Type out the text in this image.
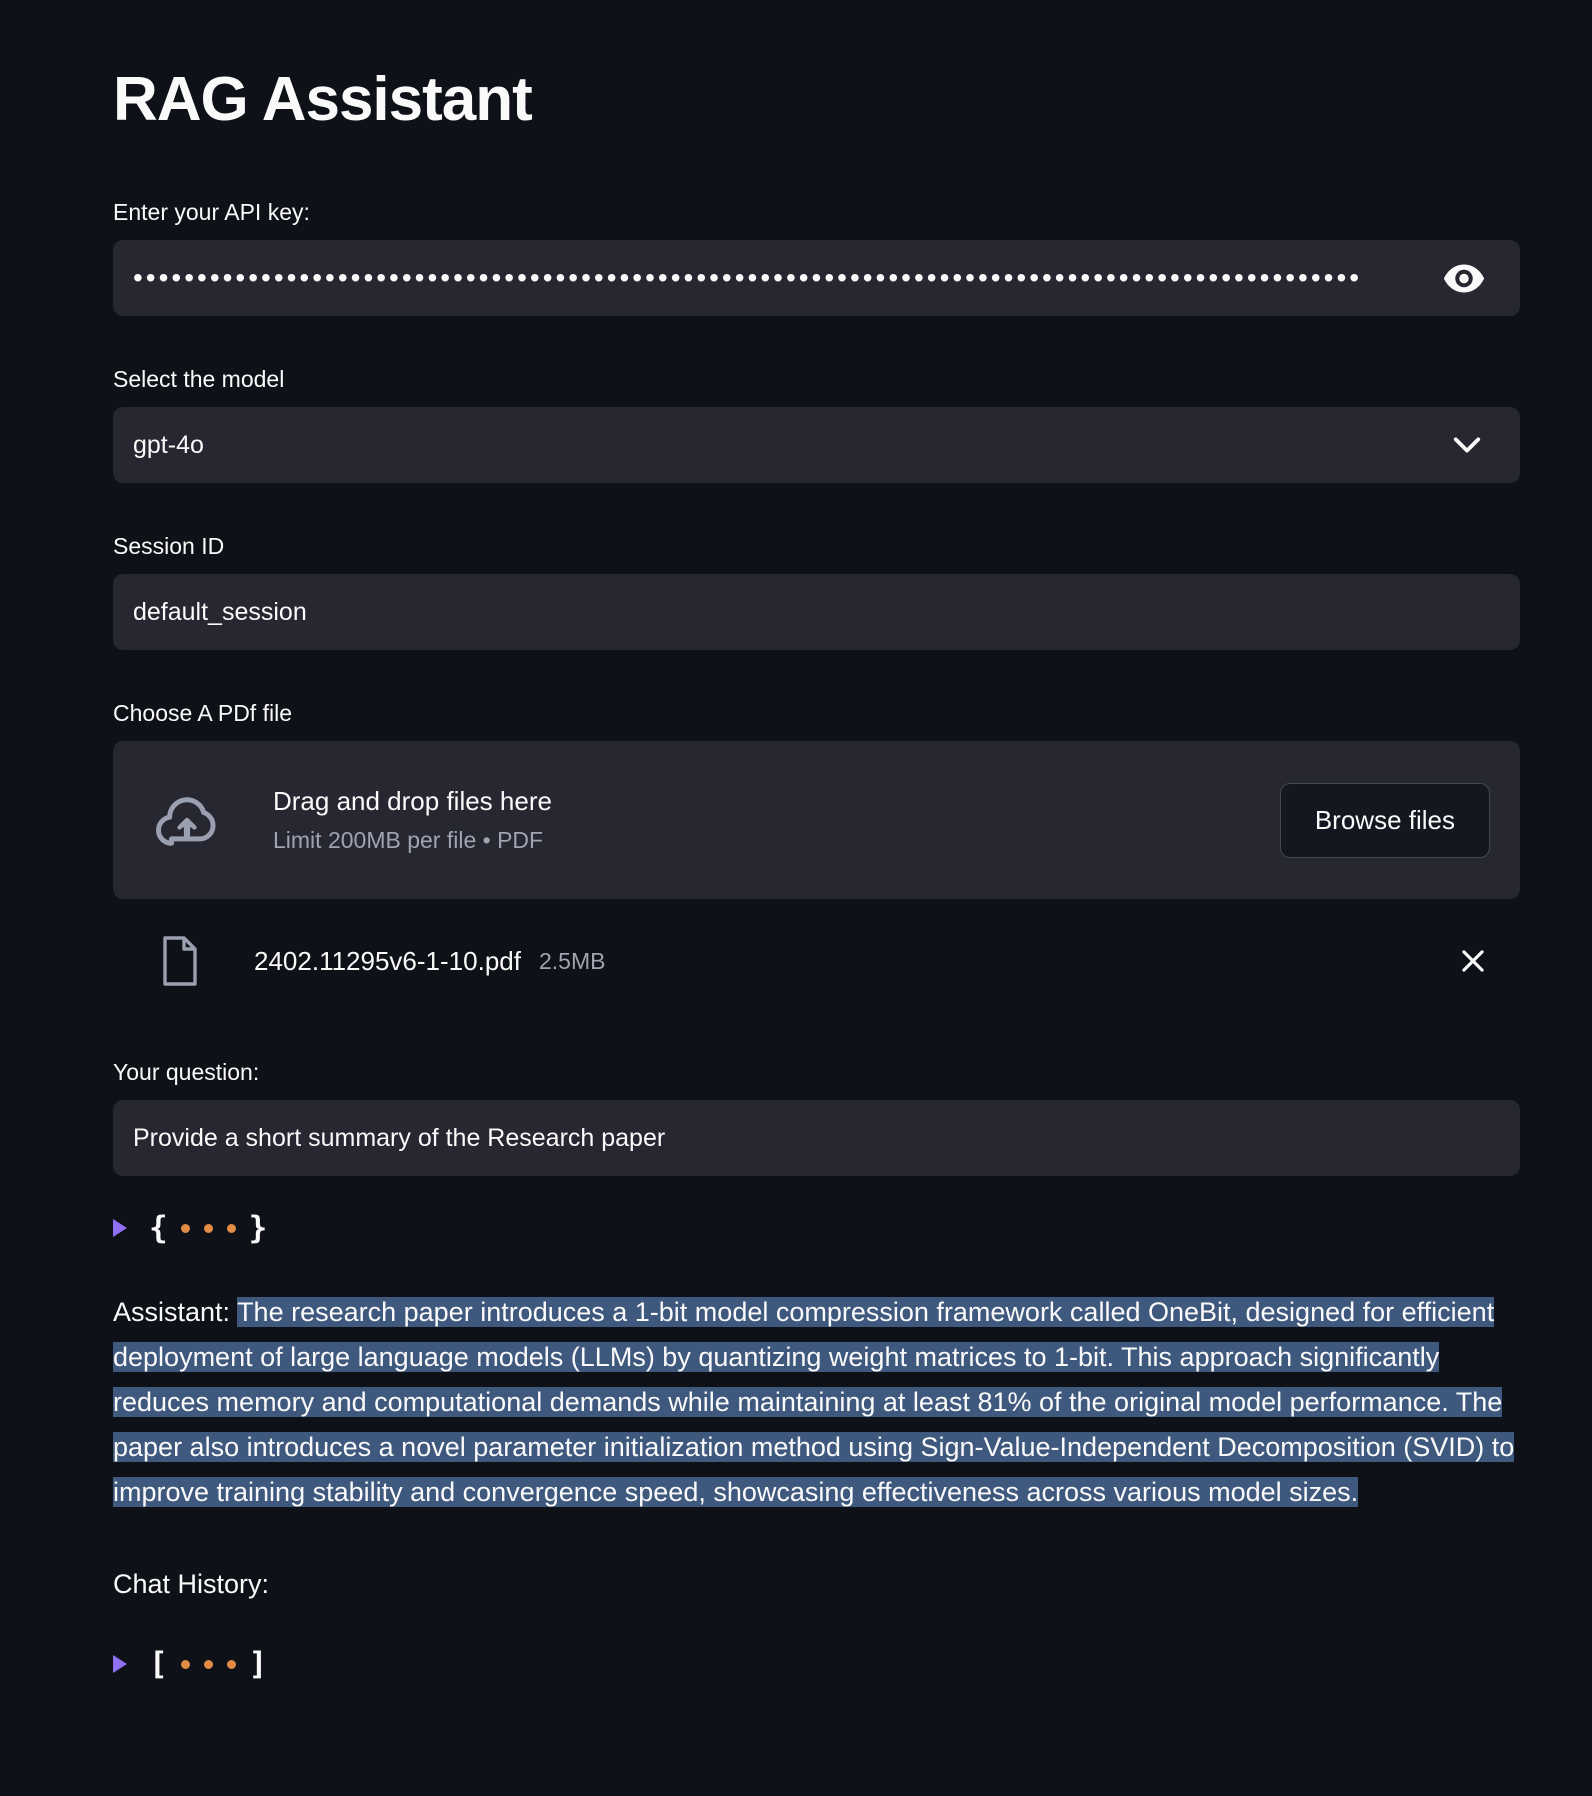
RAG Assistant
Enter your API key:
••••••••••••••••••••••••••••••••••••••••••••••••••••••••••••••••••••••••••••••••••••••••••••••••
Select the model
gpt-4o
Session ID
default_session
Choose A PDf file
Drag and drop files here
Limit 200MB per file • PDF
Browse files
2402.11295v6-1-10.pdf 2.5MB
Your question:
Provide a short summary of the Research paper
{	}

Assistant: The research paper introduces a 1-bit model compression framework called OneBit, designed for efficient deployment of large language models (LLMs) by quantizing weight matrices to 1-bit. This approach significantly reduces memory and computational demands while maintaining at least 81% of the original model performance. The paper also introduces a novel parameter initialization method using Sign-Value-Independent Decomposition (SVID) to improve training stability and convergence speed, showcasing effectiveness across various model sizes.

Chat History:
[	]
